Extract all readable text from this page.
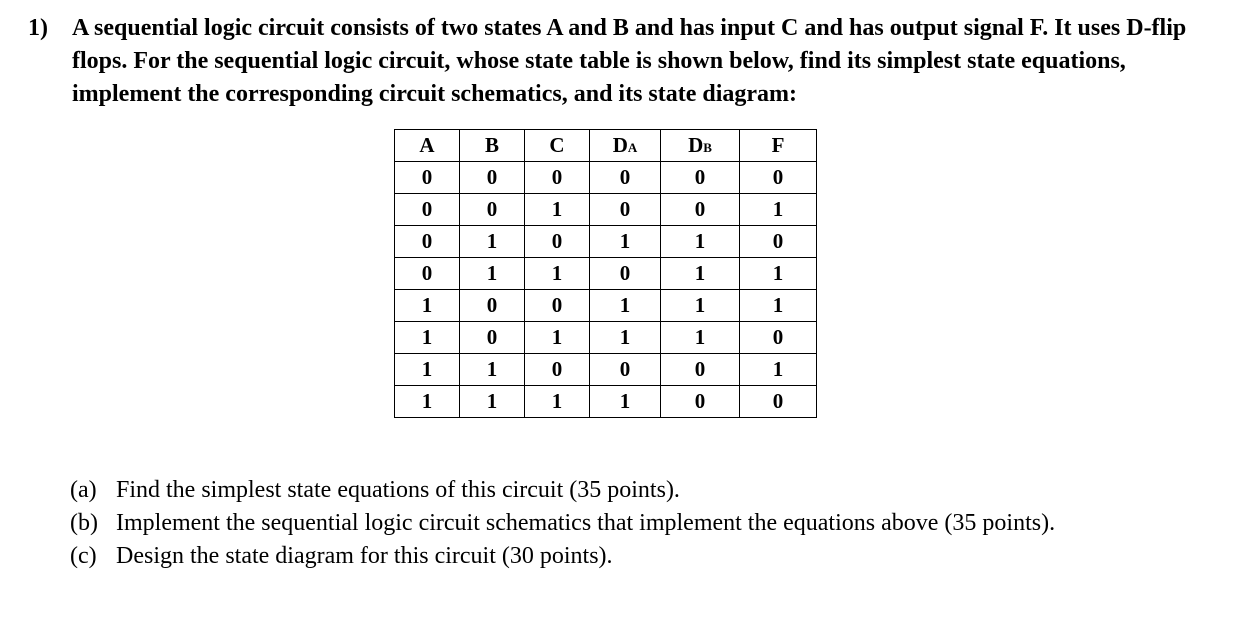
1) A sequential logic circuit consists of two states A and B and has input C and has output signal F. It uses D-flip flops. For the sequential logic circuit, whose state table is shown below, find its simplest state equations, implement the corresponding circuit schematics, and its state diagram:
A	B	C	DA	DB	F
0	0	0	0	0	0
0	0	1	0	0	1
0	1	0	1	1	0
0	1	1	0	1	1
1	0	0	1	1	1
1	0	1	1	1	0
1	1	0	0	0	1
1	1	1	1	0	0
(a) Find the simplest state equations of this circuit (35 points).
(b) Implement the sequential logic circuit schematics that implement the equations above (35 points).
(c) Design the state diagram for this circuit (30 points).
